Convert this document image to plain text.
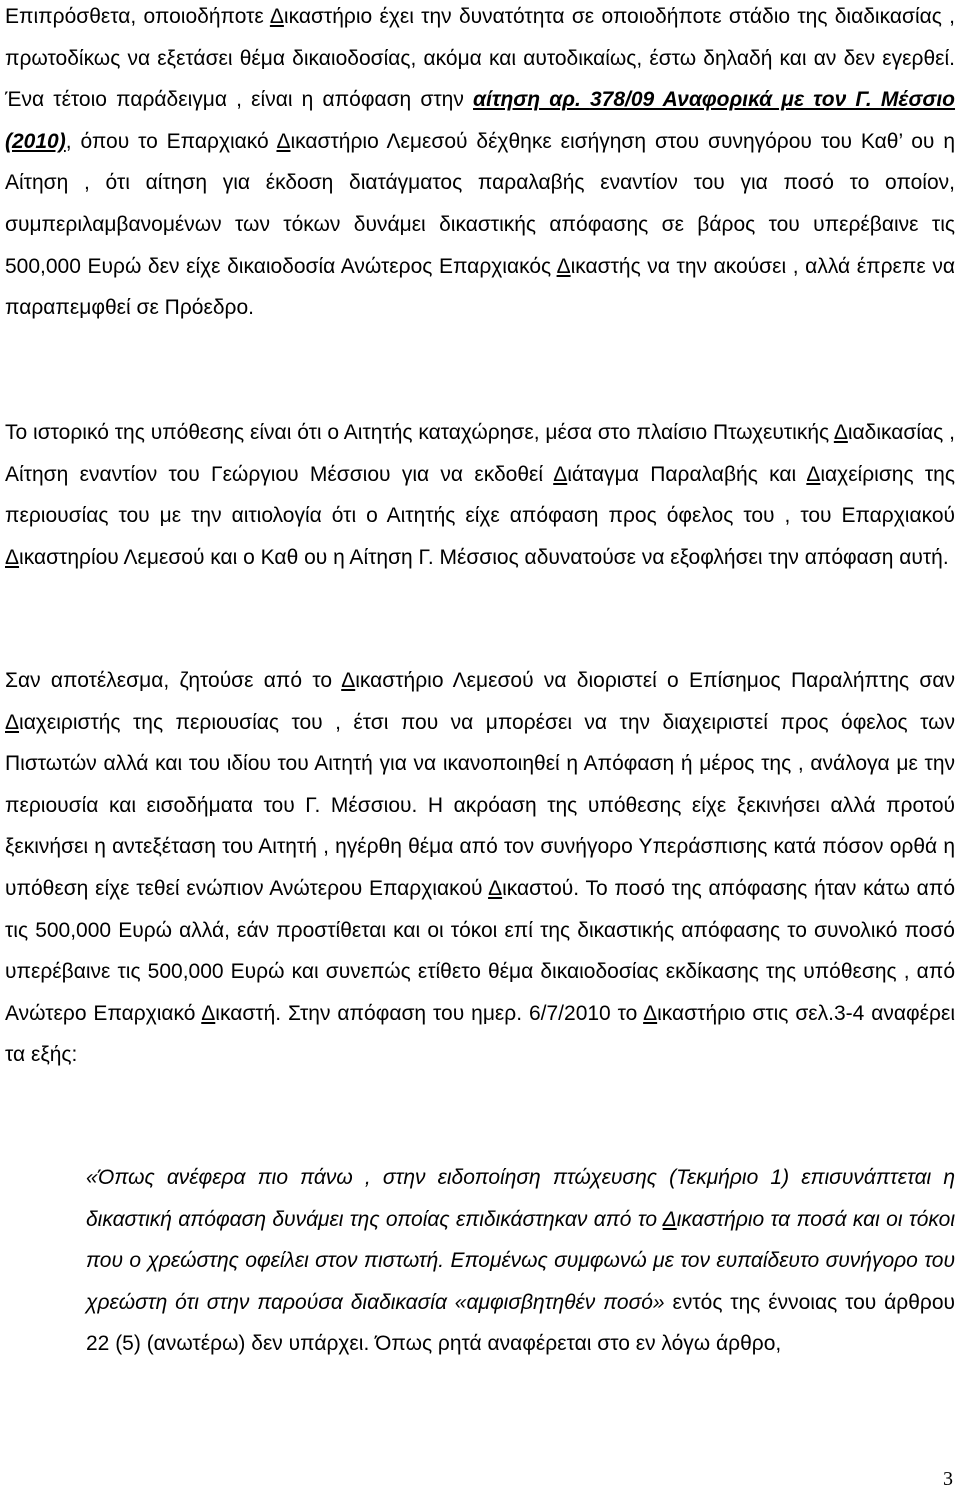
Επιπρόσθετα, οποιοδήποτε Δικαστήριο έχει την δυνατότητα σε οποιοδήποτε στάδιο της διαδικασίας , πρωτοδίκως να εξετάσει θέμα δικαιοδοσίας, ακόμα και αυτοδικαίως, έστω δηλαδή και αν δεν εγερθεί. Ένα τέτοιο παράδειγμα , είναι η απόφαση στην αίτηση αρ. 378/09 Αναφορικά με τον Γ. Μέσσιο (2010), όπου το Επαρχιακό Δικαστήριο Λεμεσού δέχθηκε εισήγηση στου συνηγόρου του Καθ’ ου η Αίτηση , ότι αίτηση για έκδοση διατάγματος παραλαβής εναντίον του για ποσό το οποίον, συμπεριλαμβανομένων των τόκων δυνάμει δικαστικής απόφασης σε βάρος του υπερέβαινε τις 500,000 Ευρώ δεν είχε δικαιοδοσία Ανώτερος Επαρχιακός Δικαστής να την ακούσει , αλλά έπρεπε να παραπεμφθεί σε Πρόεδρο.

Το ιστορικό της υπόθεσης είναι ότι ο Αιτητής καταχώρησε, μέσα στο πλαίσιο Πτωχευτικής Διαδικασίας , Αίτηση εναντίον του Γεώργιου Μέσσιου για να εκδοθεί Διάταγμα Παραλαβής και Διαχείρισης της περιουσίας του με την αιτιολογία ότι ο Αιτητής είχε απόφαση προς όφελος του , του Επαρχιακού Δικαστηρίου Λεμεσού και ο Καθ ου η Αίτηση Γ. Μέσσιος αδυνατούσε να εξοφλήσει την απόφαση αυτή.

Σαν αποτέλεσμα, ζητούσε από το Δικαστήριο Λεμεσού να διοριστεί ο Επίσημος Παραλήπτης σαν Διαχειριστής της περιουσίας του , έτσι που να μπορέσει να την διαχειριστεί προς όφελος των Πιστωτών αλλά και του ιδίου του Αιτητή για να ικανοποιηθεί η Απόφαση ή μέρος της , ανάλογα με την περιουσία και εισοδήματα του Γ. Μέσσιου. Η ακρόαση της υπόθεσης είχε ξεκινήσει αλλά προτού ξεκινήσει η αντεξέταση του Αιτητή , ηγέρθη θέμα από τον συνήγορο Υπεράσπισης κατά πόσον ορθά η υπόθεση είχε τεθεί ενώπιον Ανώτερου Επαρχιακού Δικαστού. Το ποσό της απόφασης ήταν κάτω από τις 500,000 Ευρώ αλλά, εάν προστίθεται και οι τόκοι επί της δικαστικής απόφασης το συνολικό ποσό υπερέβαινε τις 500,000 Ευρώ και συνεπώς ετίθετο θέμα δικαιοδοσίας εκδίκασης της υπόθεσης , από Ανώτερο Επαρχιακό Δικαστή. Στην απόφαση του ημερ. 6/7/2010 το Δικαστήριο στις σελ.3-4 αναφέρει τα εξής:

«Όπως ανέφερα πιο πάνω , στην ειδοποίηση πτώχευσης (Τεκμήριο 1) επισυνάπτεται η δικαστική απόφαση δυνάμει της οποίας επιδικάστηκαν από το Δικαστήριο τα ποσά και οι τόκοι που ο χρεώστης οφείλει στον πιστωτή. Επομένως συμφωνώ με τον ευπαίδευτο συνήγορο του χρεώστη ότι στην παρούσα διαδικασία «αμφισβητηθέν ποσό» εντός της έννοιας του άρθρου 22 (5) (ανωτέρω) δεν υπάρχει. Όπως ρητά αναφέρεται στο εν λόγω άρθρο,

3
